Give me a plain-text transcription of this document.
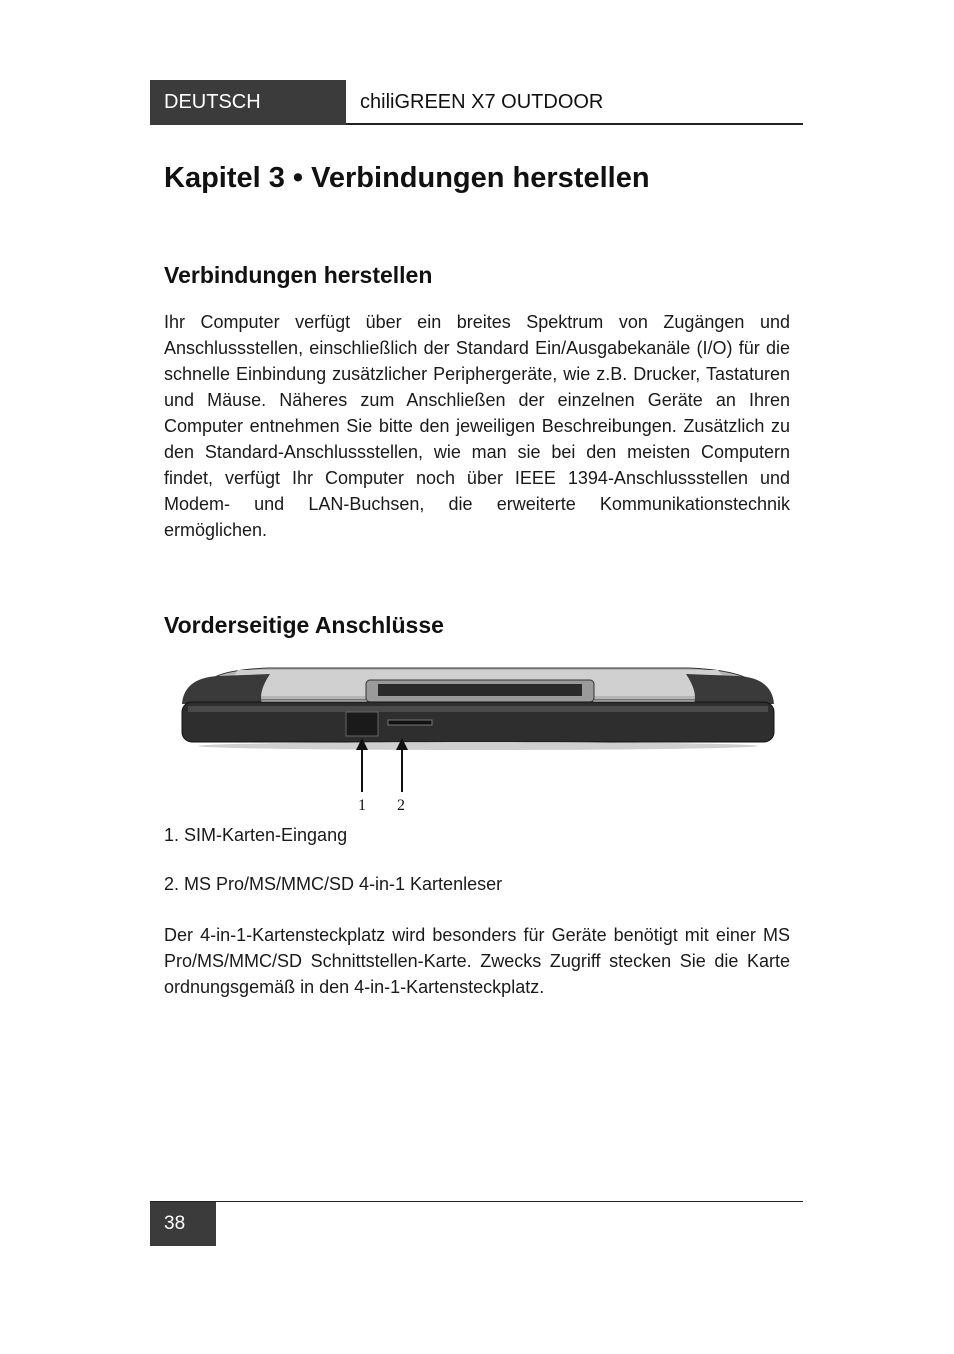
DEUTSCH	chiliGREEN X7 OUTDOOR
Kapitel 3 • Verbindungen herstellen
Verbindungen herstellen

Ihr Computer verfügt über ein breites Spektrum von Zugängen und Anschlussstellen, einschließlich der Standard Ein/Ausgabekanäle (I/O) für die schnelle Einbindung zusätzlicher Periphergeräte, wie z.B. Drucker, Tastaturen und Mäuse. Näheres zum Anschließen der einzelnen Geräte an Ihren Computer entnehmen Sie bitte den jeweiligen Beschreibungen. Zusätzlich zu den Standard-Anschlussstellen, wie man sie bei den meisten Computern findet, verfügt Ihr Computer noch über IEEE 1394-Anschlussstellen und Modem- und LAN-Buchsen, die erweiterte Kommunikationstechnik ermöglichen.

Vorderseitige Anschlüsse
1 2

1. SIM-Karten-Eingang

2. MS Pro/MS/MMC/SD 4-in-1 Kartenleser

Der 4-in-1-Kartensteckplatz wird besonders für Geräte benötigt mit einer MS Pro/MS/MMC/SD Schnittstellen-Karte. Zwecks Zugriff stecken Sie die Karte ordnungsgemäß in den 4-in-1-Kartensteckplatz.

38
